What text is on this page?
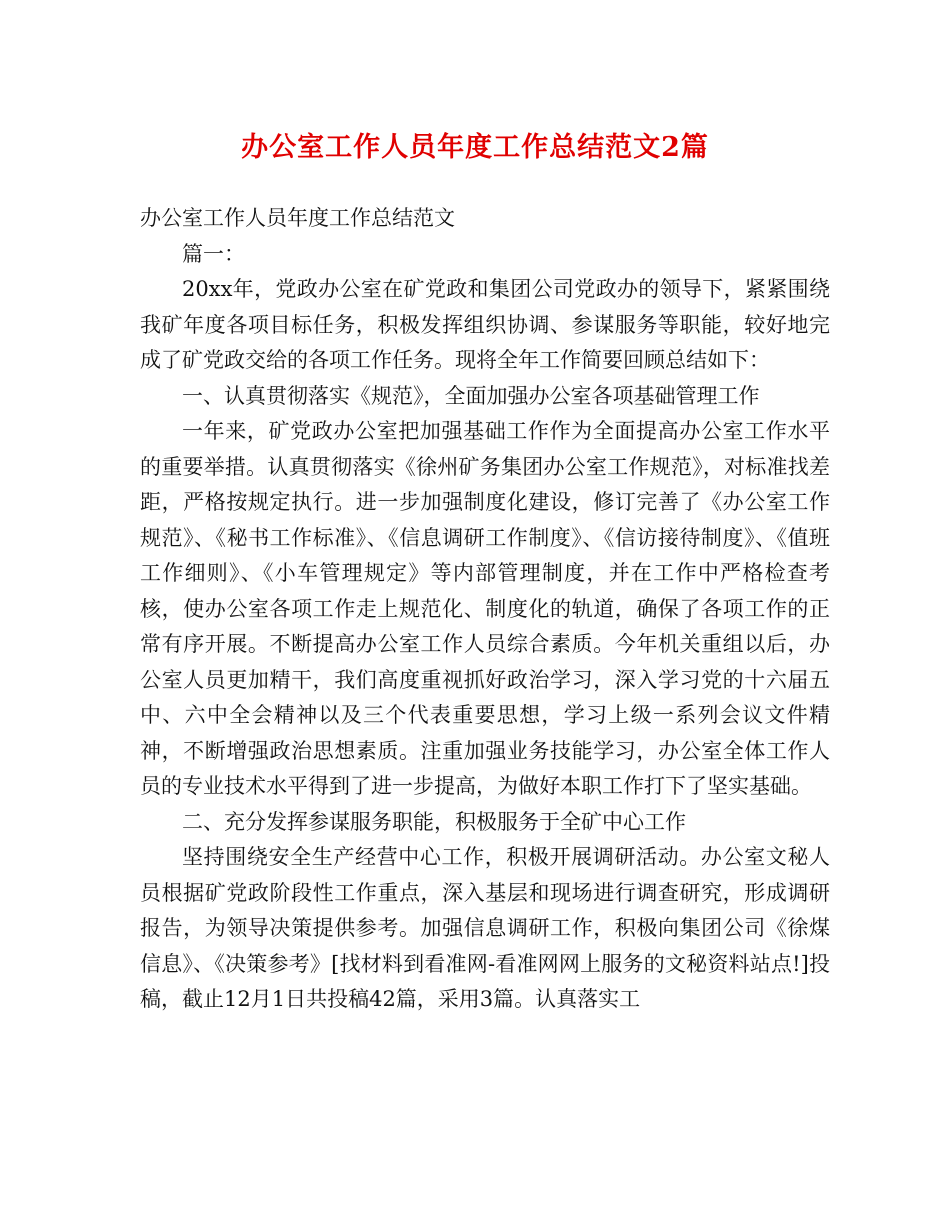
办公室工作人员年度工作总结范文2篇

办公室工作人员年度工作总结范文

篇一：

20xx年，党政办公室在矿党政和集团公司党政办的领导下，紧紧围绕我矿年度各项目标任务，积极发挥组织协调、参谋服务等职能，较好地完成了矿党政交给的各项工作任务。现将全年工作简要回顾总结如下：

一、认真贯彻落实《规范》，全面加强办公室各项基础管理工作

一年来，矿党政办公室把加强基础工作作为全面提高办公室工作水平的重要举措。认真贯彻落实《徐州矿务集团办公室工作规范》，对标准找差距，严格按规定执行。进一步加强制度化建设，修订完善了《办公室工作规范》、《秘书工作标准》、《信息调研工作制度》、《信访接待制度》、《值班工作细则》、《小车管理规定》等内部管理制度，并在工作中严格检查考核，使办公室各项工作走上规范化、制度化的轨道，确保了各项工作的正常有序开展。不断提高办公室工作人员综合素质。今年机关重组以后，办公室人员更加精干，我们高度重视抓好政治学习，深入学习党的十六届五中、六中全会精神以及三个代表重要思想，学习上级一系列会议文件精神，不断增强政治思想素质。注重加强业务技能学习，办公室全体工作人员的专业技术水平得到了进一步提高，为做好本职工作打下了坚实基础。

二、充分发挥参谋服务职能，积极服务于全矿中心工作

坚持围绕安全生产经营中心工作，积极开展调研活动。办公室文秘人员根据矿党政阶段性工作重点，深入基层和现场进行调查研究，形成调研报告，为领导决策提供参考。加强信息调研工作，积极向集团公司《徐煤信息》、《决策参考》[找材料到看准网-看准网网上服务的文秘资料站点!]投稿，截止12月1日共投稿42篇，采用3篇。认真落实工
